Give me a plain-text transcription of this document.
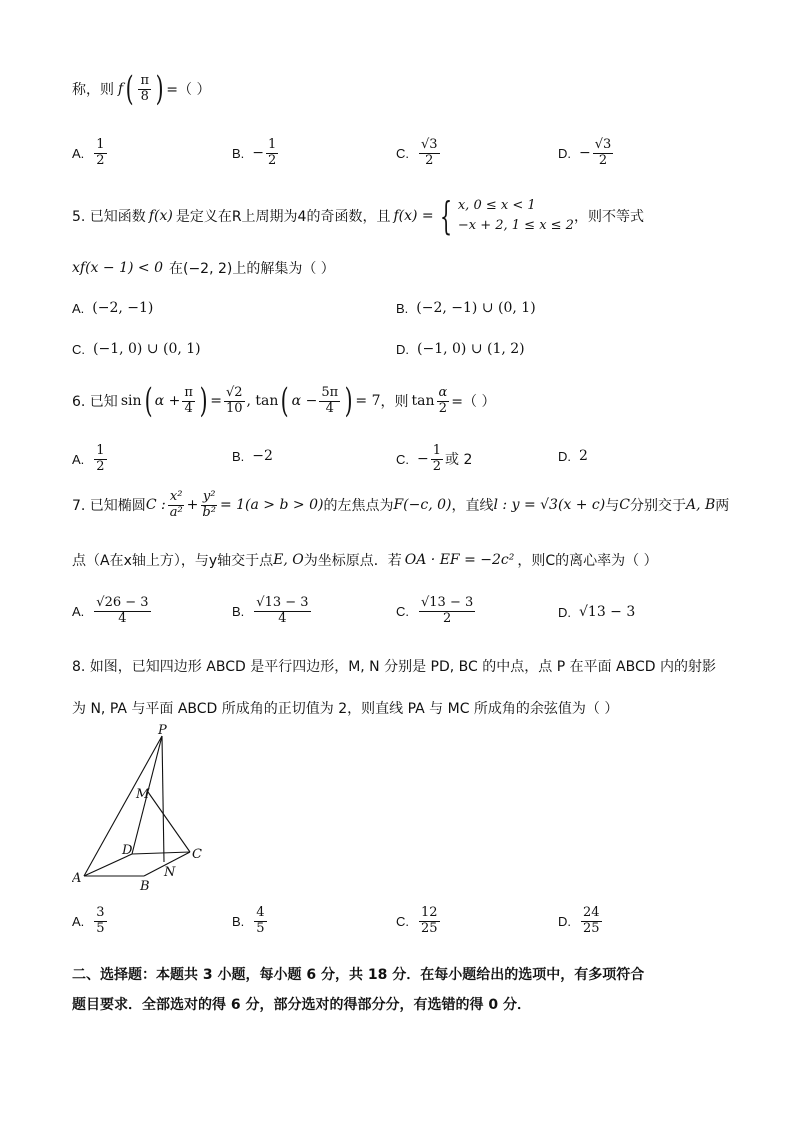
称，则 f ( $\frac{\pi}{8}$ ) =（ ）
A. $\frac{1}{2}$	B. − $\frac{1}{2}$	C. $\frac{√3}{2}$	D. − $\frac{√3}{2}$
5. 已知函数 f(x) 是定义在R上周期为4的奇函数，且 f(x) = { x, 0 ≤ x < 1
−x + 2, 1 ≤ x ≤ 2
，则不等式
xf(x − 1) < 0 在(−2, 2)上的解集为（ ）
A. (−2, −1)	B. (−2, −1) ∪ (0, 1)
C. (−1, 0) ∪ (0, 1)	D. (−1, 0) ∪ (1, 2)
6. 已知 sin ( $\alpha + \frac{\pi}{4}$ ) = $\frac{√2}{10}$ , tan ( $\alpha - \frac{5\pi}{4}$ ) = 7 ，则 $\tan \frac{\alpha}{2}$ =（ ）
A. $\frac{1}{2}$	B. −2	C. − $\frac{1}{2}$ 或 2	D. 2
7. 已知椭圆 C : $\frac{\text{x²}}{\text{a²}} + \frac{\text{y²}}{\text{b²}} = 1(a > b > 0)$ 的左焦点为 F(−c, 0) ，直线 l : y = √3(x + c) 与 C 分别交于 A, B 两
点（A在x轴上方），与y轴交于点 E, O 为坐标原点．若 OA · EF = −2c² ，则C的离心率为（ ）
A. $\frac{√26 - 3}{4}$	B. $\frac{√13 - 3}{4}$	C. $\frac{√13 - 3}{2}$	D. √13 − 3
8. 如图，已知四边形 ABCD 是平行四边形，M, N 分别是 PD, BC 的中点，点 P 在平面 ABCD 内的射影
为 N, PA 与平面 ABCD 所成角的正切值为 2，则直线 PA 与 MC 所成角的余弦值为（ ）
P
M
D	C
A
B
N
A. $\frac{3}{5}$	B. $\frac{4}{5}$	C. $\frac{12}{25}$	D. $\frac{24}{25}$
二、选择题：本题共 3 小题，每小题 6 分，共 18 分．在每小题给出的选项中，有多项符合
题目要求．全部选对的得 6 分，部分选对的得部分分，有选错的得 0 分．
